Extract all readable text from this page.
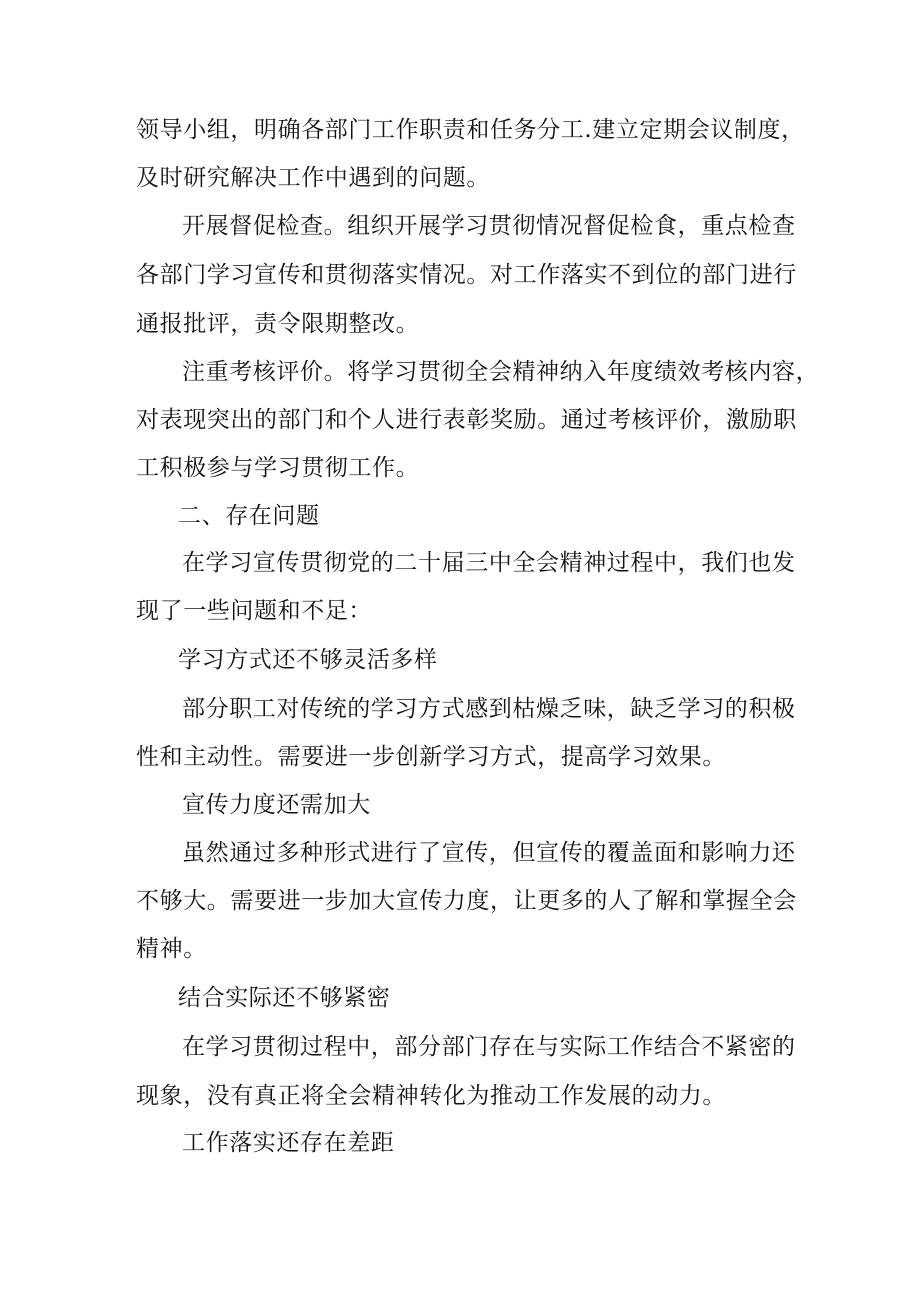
领导小组，明确各部门工作职责和任务分工.建立定期会议制度，
及时研究解决工作中遇到的问题。
开展督促检查。组织开展学习贯彻情况督促检食，重点检查
各部门学习宣传和贯彻落实情况。对工作落实不到位的部门进行
通报批评，责令限期整改。
注重考核评价。将学习贯彻全会精神纳入年度绩效考核内容，
对表现突出的部门和个人进行表彰奖励。通过考核评价，激励职
工积极参与学习贯彻工作。
二、存在问题
在学习宣传贯彻党的二十届三中全会精神过程中，我们也发
现了一些问题和不足：
学习方式还不够灵活多样
部分职工对传统的学习方式感到枯燥乏味，缺乏学习的积极
性和主动性。需要进一步创新学习方式，提高学习效果。
宣传力度还需加大
虽然通过多种形式进行了宣传，但宣传的覆盖面和影响力还
不够大。需要进一步加大宣传力度，让更多的人了解和掌握全会
精神。
结合实际还不够紧密
在学习贯彻过程中，部分部门存在与实际工作结合不紧密的
现象，没有真正将全会精神转化为推动工作发展的动力。
工作落实还存在差距
